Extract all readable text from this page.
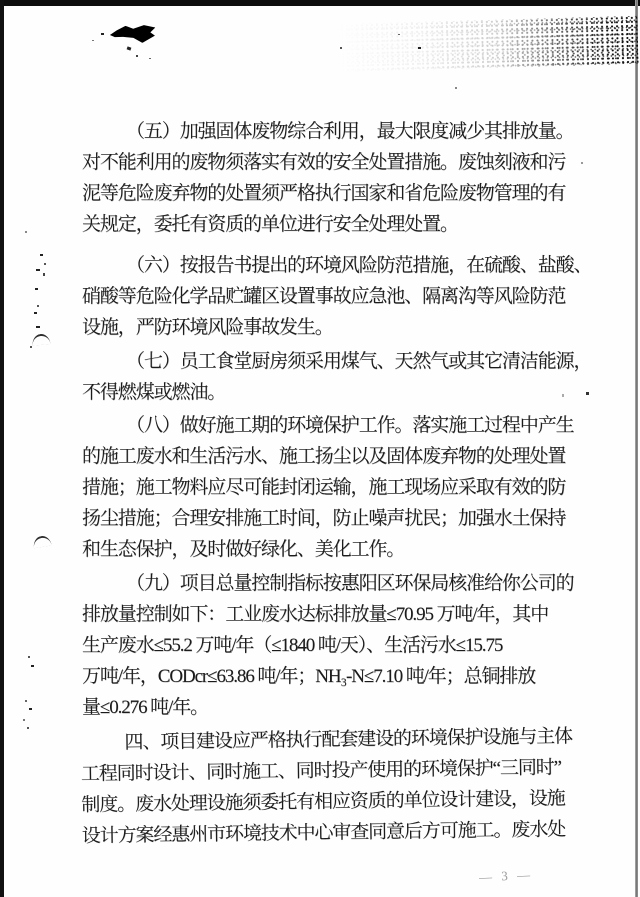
（五）加强固体废物综合利用，最大限度减少其排放量。
对不能利用的废物须落实有效的安全处置措施。废蚀刻液和污
泥等危险废弃物的处置须严格执行国家和省危险废物管理的有
关规定，委托有资质的单位进行安全处理处置。
（六）按报告书提出的环境风险防范措施，在硫酸、盐酸、
硝酸等危险化学品贮罐区设置事故应急池、隔离沟等风险防范
设施，严防环境风险事故发生。
（七）员工食堂厨房须采用煤气、天然气或其它清洁能源，
不得燃煤或燃油。
（八）做好施工期的环境保护工作。落实施工过程中产生
的施工废水和生活污水、施工扬尘以及固体废弃物的处理处置
措施；施工物料应尽可能封闭运输，施工现场应采取有效的防
扬尘措施；合理安排施工时间，防止噪声扰民；加强水土保持
和生态保护，及时做好绿化、美化工作。
（九）项目总量控制指标按惠阳区环保局核准给你公司的
排放量控制如下：工业废水达标排放量≤70.95 万吨/年，其中
生产废水≤55.2 万吨/年（≤1840 吨/天）、生活污水≤15.75
万吨/年，CODcr≤63.86 吨/年；NH₃-N≤7.10 吨/年；总铜排放
量≤0.276 吨/年。
四、项目建设应严格执行配套建设的环境保护设施与主体
工程同时设计、同时施工、同时投产使用的环境保护“三同时”
制度。废水处理设施须委托有相应资质的单位设计建设，设施
设计方案经惠州市环境技术中心审查同意后方可施工。废水处
— 3 —
